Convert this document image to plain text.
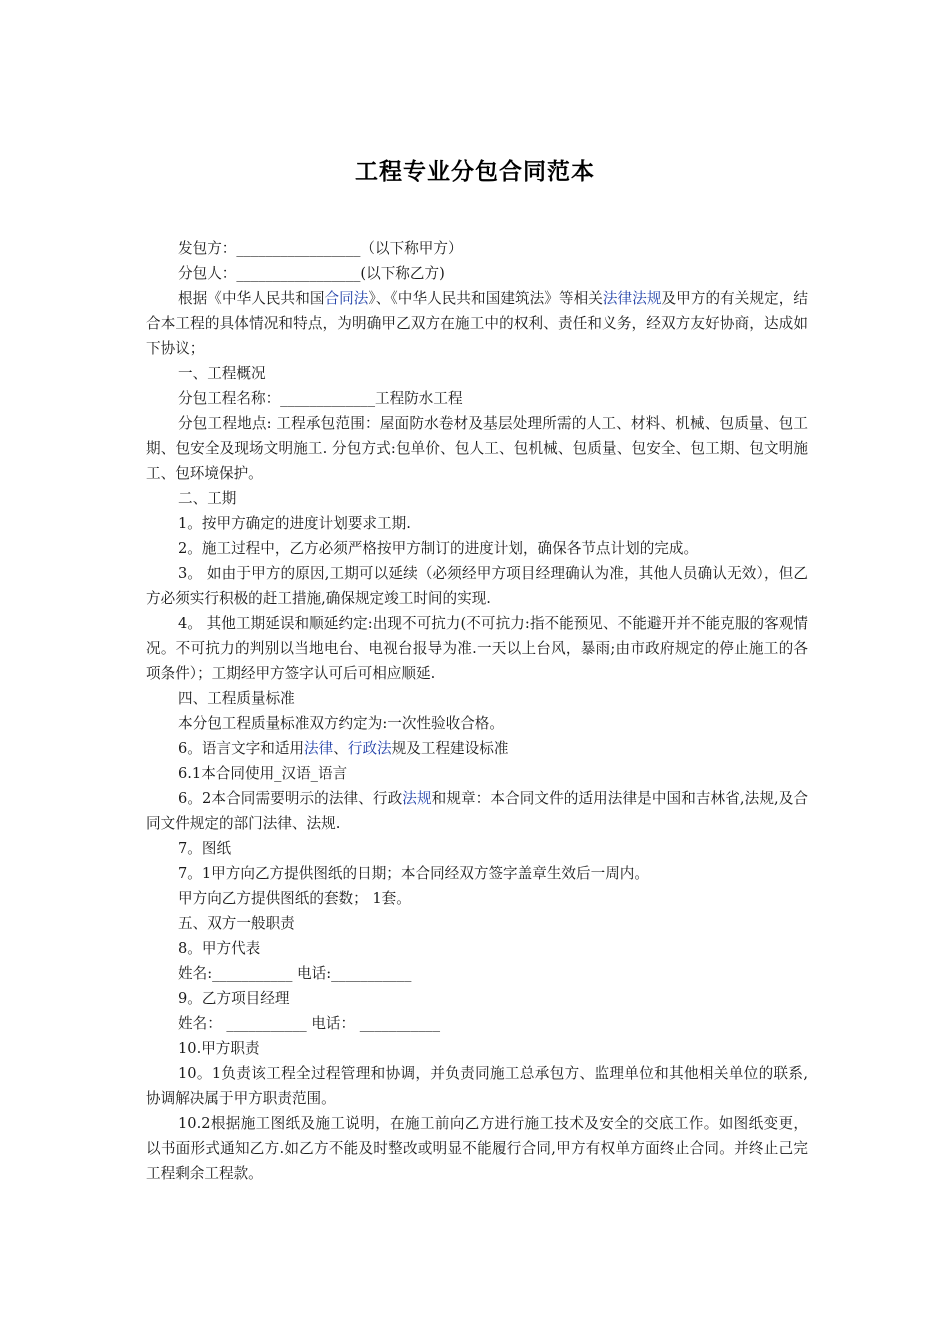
工程专业分包合同范本

发包方：_________________（以下称甲方）

分包人：_________________(以下称乙方)

根据《中华人民共和国合同法》、《中华人民共和国建筑法》等相关法律法规及甲方的有关规定，结合本工程的具体情况和特点，为明确甲乙双方在施工中的权利、责任和义务，经双方友好协商，达成如下协议；

一、工程概况

分包工程名称：_____________工程防水工程

分包工程地点: 工程承包范围：屋面防水卷材及基层处理所需的人工、材料、机械、包质量、包工期、包安全及现场文明施工. 分包方式:包单价、包人工、包机械、包质量、包安全、包工期、包文明施工、包环境保护。

二、工期

1。按甲方确定的进度计划要求工期.

2。施工过程中，乙方必须严格按甲方制订的进度计划，确保各节点计划的完成。

3。 如由于甲方的原因,工期可以延续（必须经甲方项目经理确认为准，其他人员确认无效），但乙方必须实行积极的赶工措施,确保规定竣工时间的实现.

4。 其他工期延误和顺延约定:出现不可抗力(不可抗力:指不能预见、不能避开并不能克服的客观情况。不可抗力的判别以当地电台、电视台报导为准.一天以上台风，暴雨;由市政府规定的停止施工的各项条件）；工期经甲方签字认可后可相应顺延.

四、工程质量标准

本分包工程质量标准双方约定为:一次性验收合格。

6。语言文字和适用法律、行政法规及工程建设标准

6.1本合同使用_汉语_语言

6。2本合同需要明示的法律、行政法规和规章：本合同文件的适用法律是中国和吉林省,法规,及合同文件规定的部门法律、法规.

7。图纸

7。1甲方向乙方提供图纸的日期；本合同经双方签字盖章生效后一周内。

甲方向乙方提供图纸的套数； 1套。

五、双方一般职责

8。甲方代表

姓名:___________ 电话:___________

9。乙方项目经理

姓名： ___________ 电话： ___________

10.甲方职责

10。1负责该工程全过程管理和协调，并负责同施工总承包方、监理单位和其他相关单位的联系,协调解决属于甲方职责范围。

10.2根据施工图纸及施工说明，在施工前向乙方进行施工技术及安全的交底工作。如图纸变更，以书面形式通知乙方.如乙方不能及时整改或明显不能履行合同,甲方有权单方面终止合同。并终止己完工程剩余工程款。
